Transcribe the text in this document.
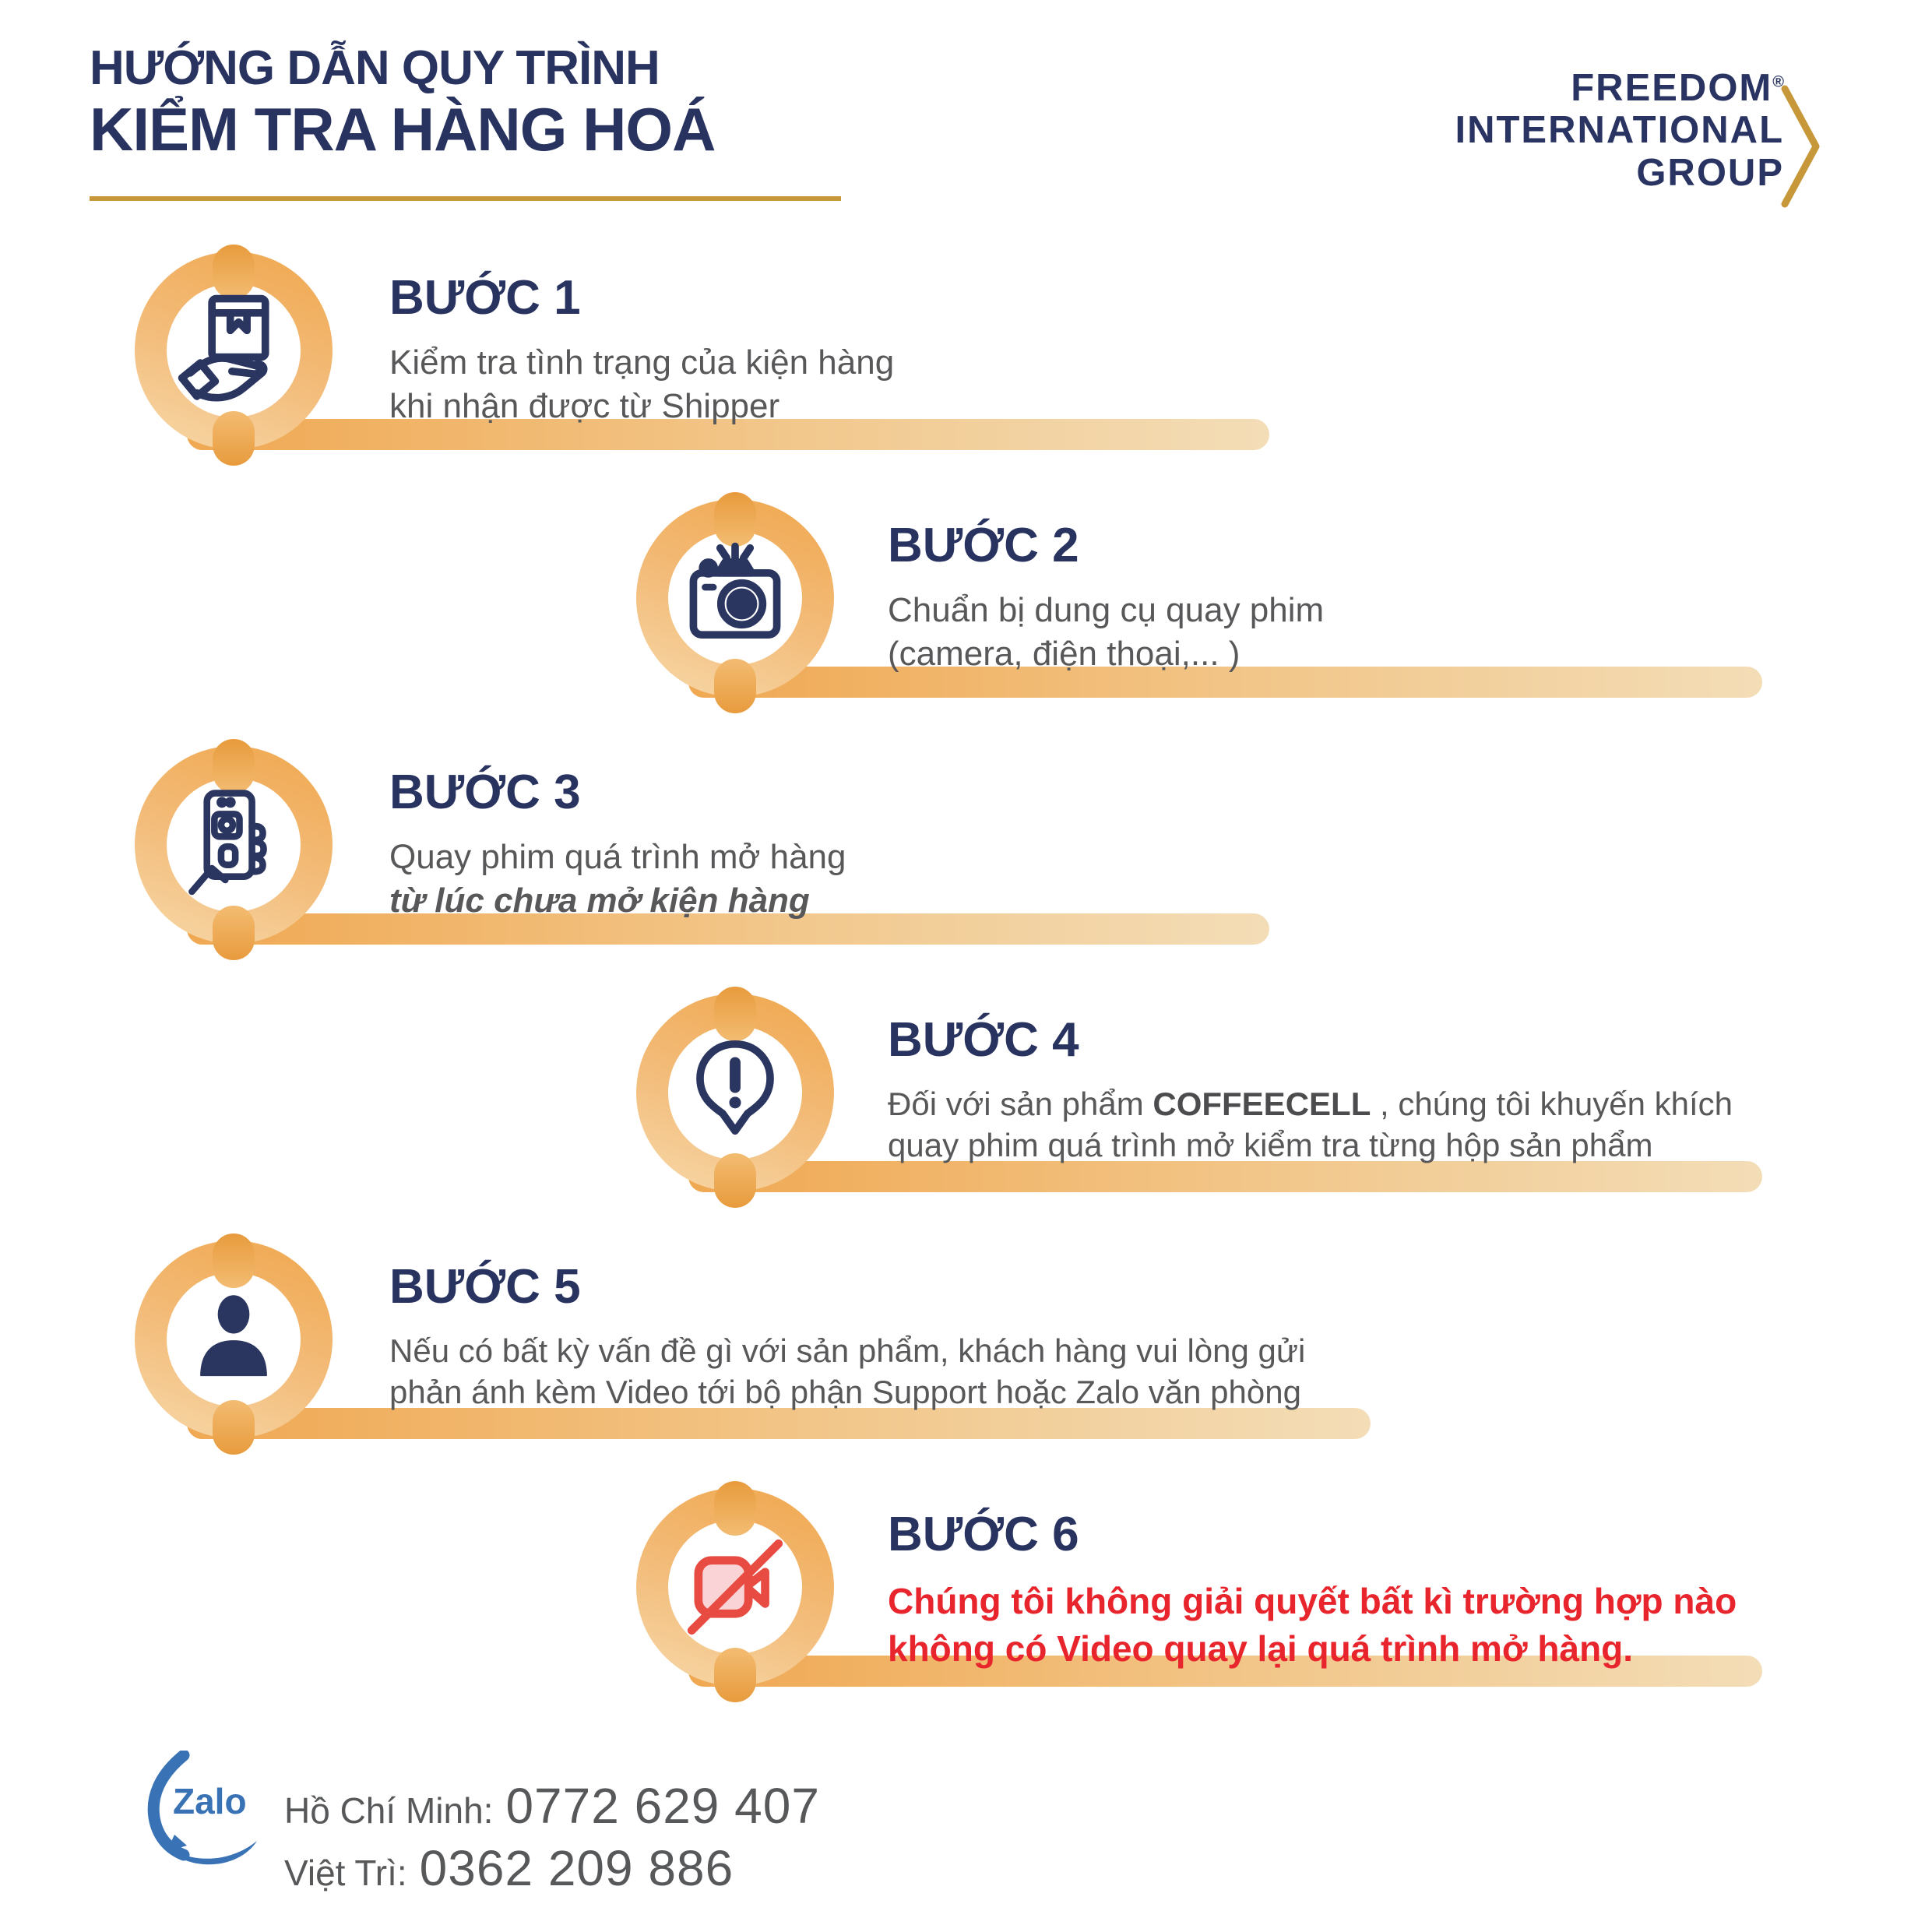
HƯỚNG DẪN QUY TRÌNH
KIỂM TRA HÀNG HOÁ
FREEDOM®
INTERNATIONAL
GROUP
BƯỚC 1
Kiểm tra tình trạng của kiện hàng
khi nhận được từ Shipper
BƯỚC 2
Chuẩn bị dung cụ quay phim
(camera, điện thoại,... )
BƯỚC 3
Quay phim quá trình mở hàng
từ lúc chưa mở kiện hàng
BƯỚC 4
Đối với sản phẩm COFFEECELL , chúng tôi khuyến khích
quay phim quá trình mở kiểm tra từng hộp sản phẩm
BƯỚC 5
Nếu có bất kỳ vấn đề gì với sản phẩm, khách hàng vui lòng gửi
phản ánh kèm Video tới bộ phận Support hoặc Zalo văn phòng
BƯỚC 6
Chúng tôi không giải quyết bất kì trường hợp nào
không có Video quay lại quá trình mở hàng.
Zalo Hồ Chí Minh: 0772 629 407
Việt Trì: 0362 209 886
